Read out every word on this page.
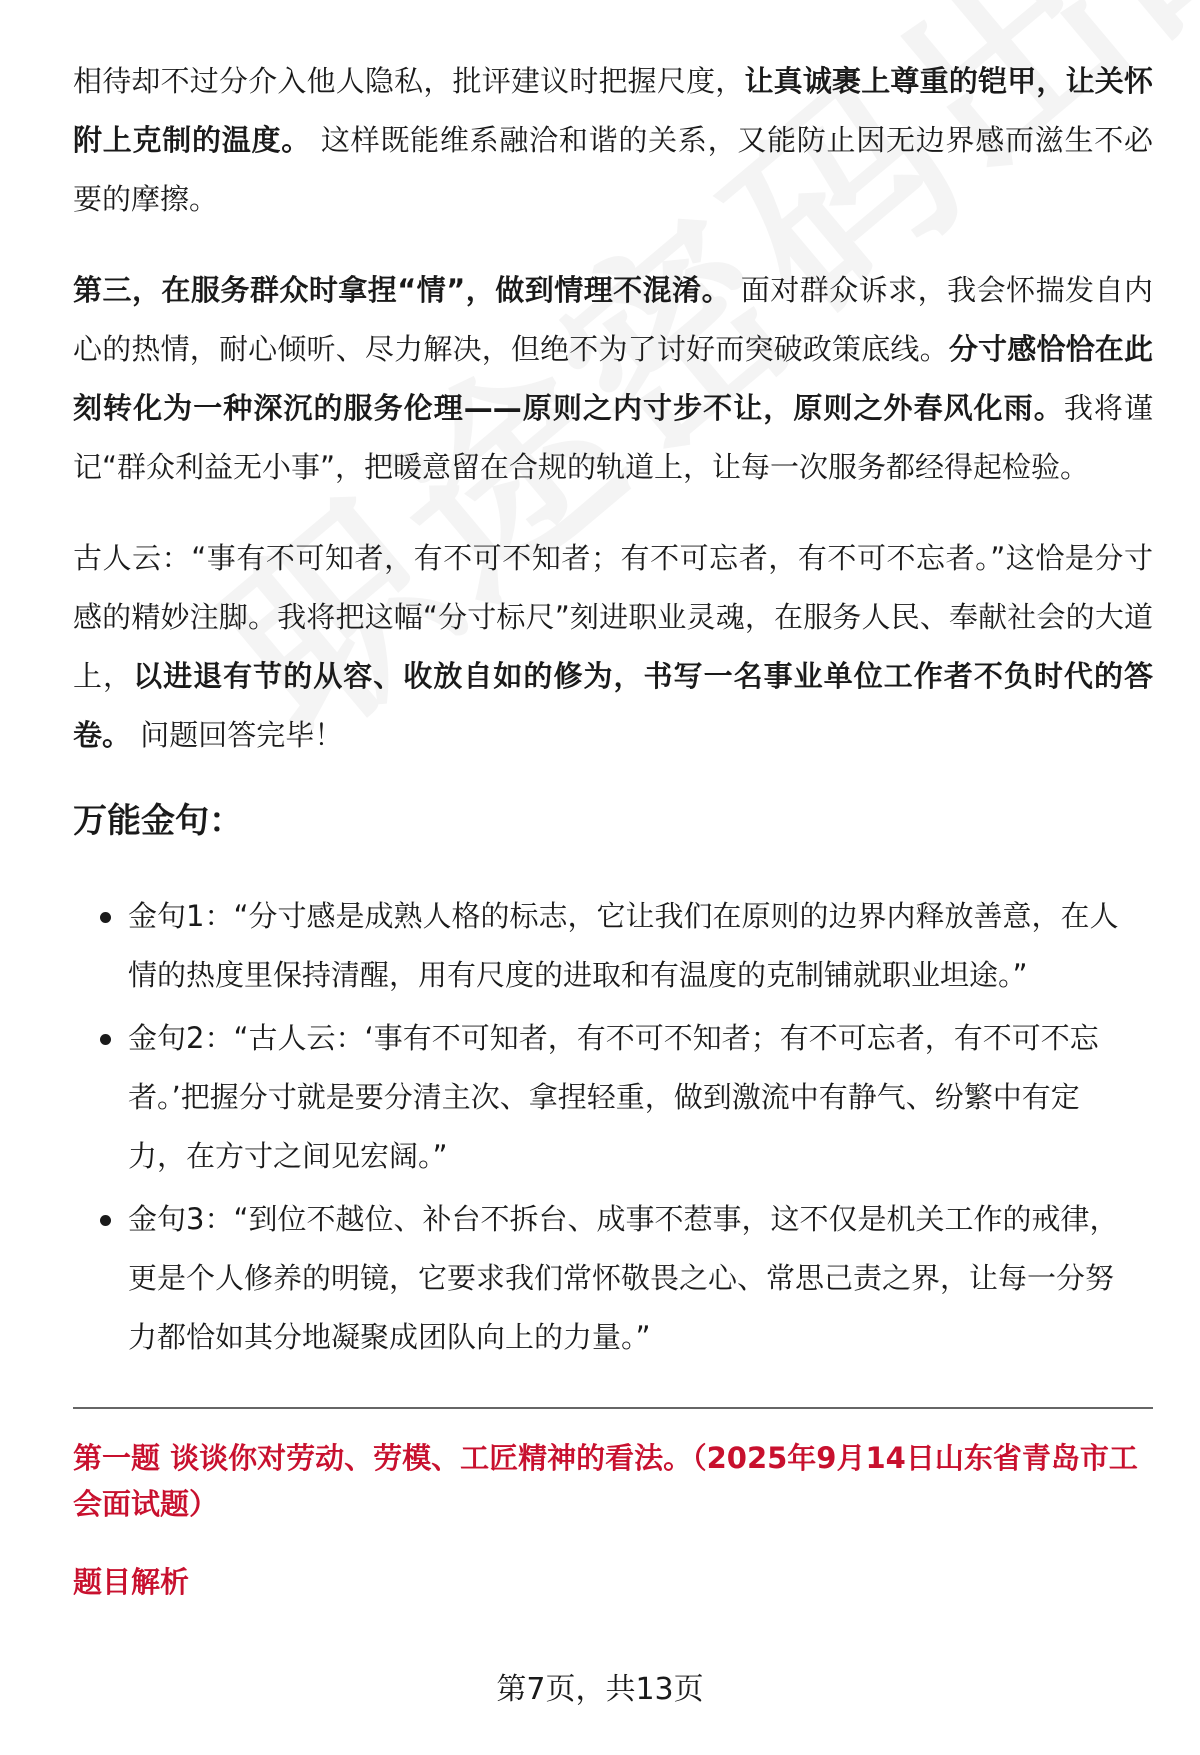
相待却不过分介入他人隐私，批评建议时把握尺度，让真诚裹上尊重的铠甲，让关怀附上克制的温度。 这样既能维系融洽和谐的关系，又能防止因无边界感而滋生不必要的摩擦。

第三，在服务群众时拿捏“情”，做到情理不混淆。 面对群众诉求，我会怀揣发自内心的热情，耐心倾听、尽力解决，但绝不为了讨好而突破政策底线。分寸感恰恰在此刻转化为一种深沉的服务伦理——原则之内寸步不让，原则之外春风化雨。我将谨记“群众利益无小事”，把暖意留在合规的轨道上，让每一次服务都经得起检验。

古人云：“事有不可知者，有不可不知者；有不可忘者，有不可不忘者。”这恰是分寸感的精妙注脚。我将把这幅“分寸标尺”刻进职业灵魂，在服务人民、奉献社会的大道上，以进退有节的从容、收放自如的修为，书写一名事业单位工作者不负时代的答卷。 问题回答完毕！

万能金句：
金句1：“分寸感是成熟人格的标志，它让我们在原则的边界内释放善意，在人情的热度里保持清醒，用有尺度的进取和有温度的克制铺就职业坦途。”
金句2：“古人云：‘事有不可知者，有不可不知者；有不可忘者，有不可不忘者。’把握分寸就是要分清主次、拿捏轻重，做到激流中有静气、纷繁中有定力，在方寸之间见宏阔。”
金句3：“到位不越位、补台不拆台、成事不惹事，这不仅是机关工作的戒律，更是个人修养的明镜，它要求我们常怀敬畏之心、常思己责之界，让每一分努力都恰如其分地凝聚成团队向上的力量。”
第一题 谈谈你对劳动、劳模、工匠精神的看法。（2025年9月14日山东省青岛市工会面试题）
题目解析
第7页，共13页
